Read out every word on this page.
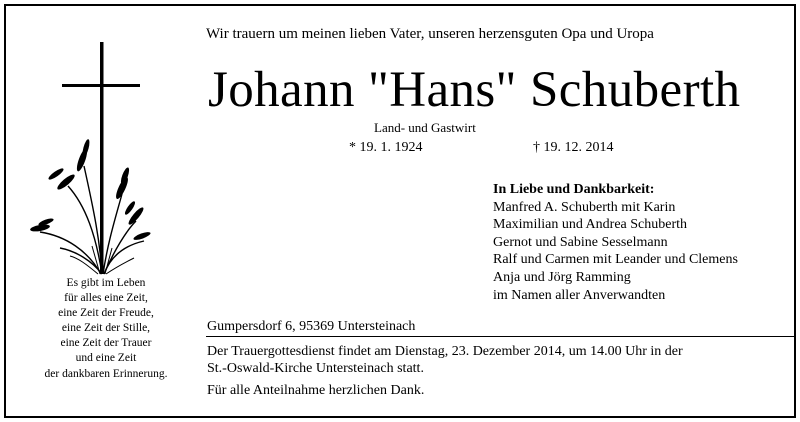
Es gibt im Leben
für alles eine Zeit,
eine Zeit der Freude,
eine Zeit der Stille,
eine Zeit der Trauer
und eine Zeit
der dankbaren Erinnerung.
Wir trauern um meinen lieben Vater, unseren herzensguten Opa und Uropa
Johann "Hans" Schuberth
Land- und Gastwirt
* 19. 1. 1924	† 19. 12. 2014
In Liebe und Dankbarkeit:
Manfred A. Schuberth mit Karin
Maximilian und Andrea Schuberth
Gernot und Sabine Sesselmann
Ralf und Carmen mit Leander und Clemens
Anja und Jörg Ramming
im Namen aller Anverwandten
Gumpersdorf 6, 95369 Untersteinach
Der Trauergottesdienst findet am Dienstag, 23. Dezember 2014, um 14.00 Uhr in der
St.-Oswald-Kirche Untersteinach statt.
Für alle Anteilnahme herzlichen Dank.
